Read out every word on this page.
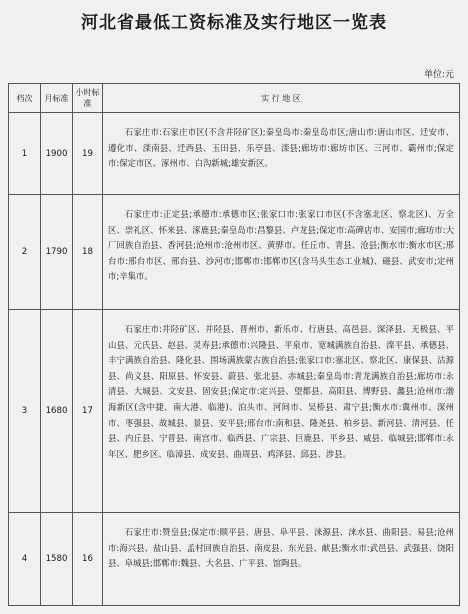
河北省最低工资标准及实行地区一览表
单位:元
档次	月标准	小时标准	实 行 地 区
1	1900	19	石家庄市:石家庄市区(不含井陉矿区);秦皇岛市:秦皇岛市区;唐山市:唐山市区、迁安市、遵化市、滦南县、迁西县、玉田县、乐亭县、滦县;廊坊市:廊坊市区、三河市、霸州市;保定市:保定市区、涿州市、白沟新城;雄安新区。

2	1790	18	石家庄市:正定县;承德市:承德市区;张家口市:张家口市区(不含塞北区、察北区)、万全区、崇礼区、怀来县、涿鹿县;秦皇岛市:昌黎县、卢龙县;保定市:高碑店市、安国市;廊坊市:大厂回族自治县、香河县;沧州市:沧州市区、黄骅市、任丘市、青县、沧县;衡水市:衡水市区;邢台市:邢台市区、邢台县、沙河市;邯郸市:邯郸市区(含马头生态工业城)、磁县、武安市;定州市;辛集市。

3	1680	17	石家庄市:井陉矿区、井陉县、晋州市、新乐市、行唐县、高邑县、深泽县、无极县、平山县、元氏县、赵县、灵寿县;承德市:兴隆县、平泉市、宽城满族自治县、滦平县、承德县、丰宁满族自治县、隆化县、围场满族蒙古族自治县;张家口市:塞北区、察北区、康保县、沽源县、尚义县、阳原县、怀安县、蔚县、张北县、赤城县;秦皇岛市:青龙满族自治县;廊坊市:永清县、大城县、文安县、固安县;保定市:定兴县、望都县、高阳县、博野县、蠡县;沧州市:渤海新区(含中捷、南大港、临港)、泊头市、河间市、吴桥县、肃宁县;衡水市:冀州市、深州市、枣强县、故城县、景县、安平县;邢台市:南和县、隆尧县、柏乡县、新河县、清河县、任县、内丘县、宁晋县、南宫市、临西县、广宗县、巨鹿县、平乡县、威县、临城县;邯郸市:永年区、肥乡区、临漳县、成安县、曲周县、鸡泽县、邱县、涉县。

4	1580	16	石家庄市:赞皇县;保定市:顺平县、唐县、阜平县、涞源县、涞水县、曲阳县、易县;沧州市:海兴县、盐山县、孟村回族自治县、南皮县、东光县、献县;衡水市:武邑县、武强县、饶阳县、阜城县;邯郸市:魏县、大名县、广平县、馆陶县。
